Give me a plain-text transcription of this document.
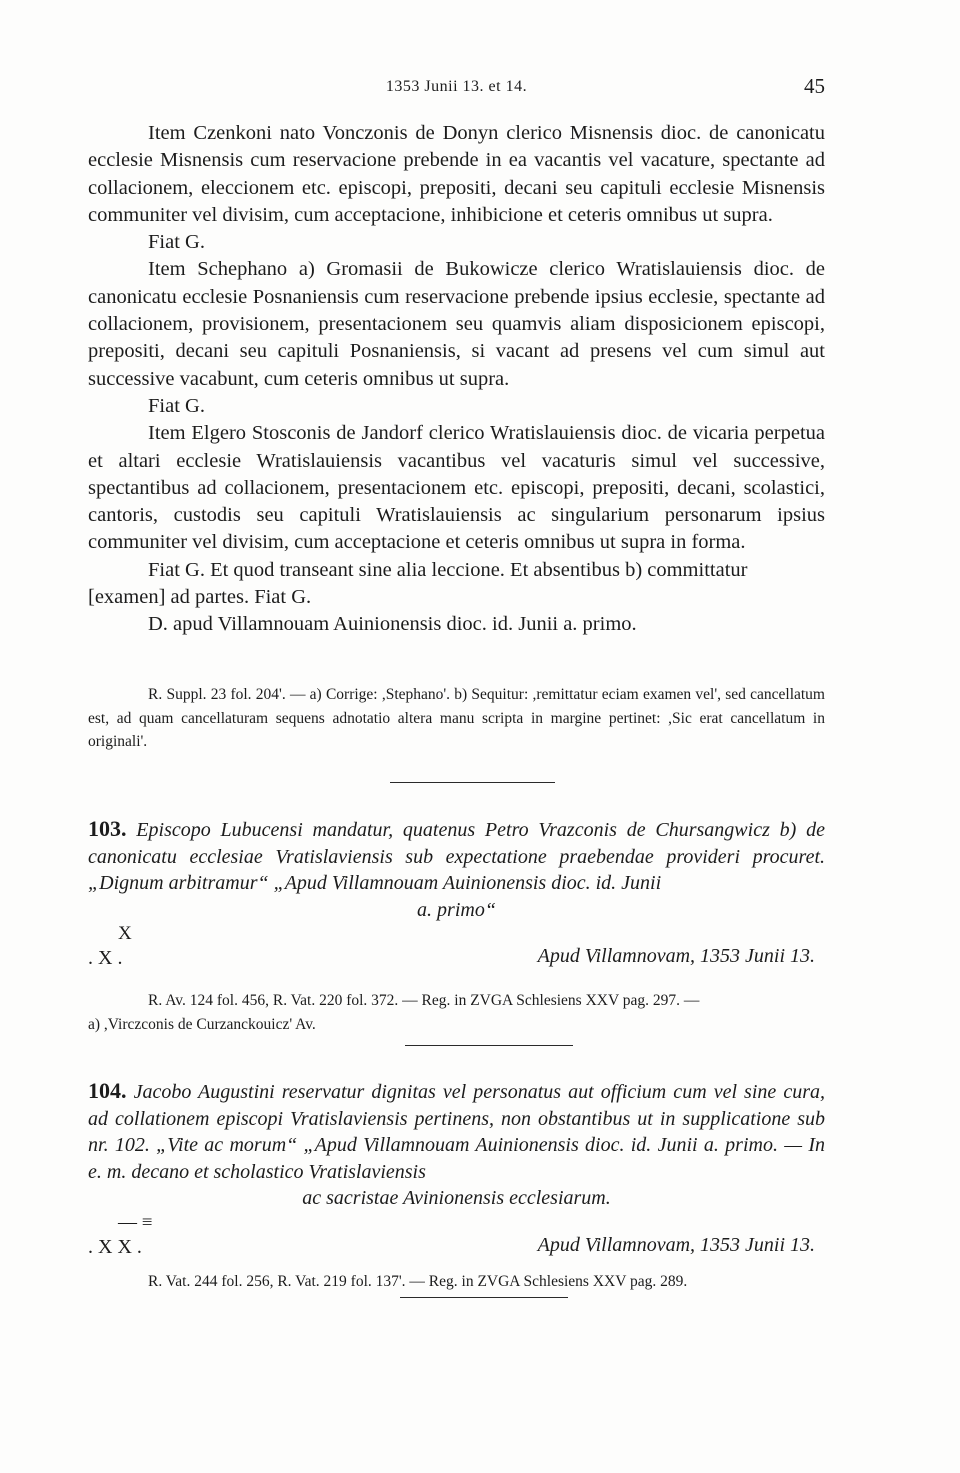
1353 Junii 13. et 14.	45

Item Czenkoni nato Vonczonis de Donyn clerico Misnensis dioc. de canonicatu ecclesie Misnensis cum reservacione prebende in ea vacantis vel vacature, spectante ad collacionem, eleccionem etc. episcopi, prepositi, decani seu capituli ecclesie Misnensis communiter vel divisim, cum acceptacione, inhibicione et ceteris omnibus ut supra.

Fiat G.

Item Schephano a) Gromasii de Bukowicze clerico Wratislauiensis dioc. de canonicatu ecclesie Posnaniensis cum reservacione prebende ipsius ecclesie, spectante ad collacionem, provisionem, presentacionem seu quamvis aliam disposicionem episcopi, prepositi, decani seu capituli Posnaniensis, si vacant ad presens vel cum simul aut successive vacabunt, cum ceteris omnibus ut supra.

Fiat G.

Item Elgero Stosconis de Jandorf clerico Wratislauiensis dioc. de vicaria perpetua et altari ecclesie Wratislauiensis vacantibus vel vacaturis simul vel successive, spectantibus ad collacionem, presentacionem etc. episcopi, prepositi, decani, scolastici, cantoris, custodis seu capituli Wratislauiensis ac singularium personarum ipsius communiter vel divisim, cum acceptacione et ceteris omnibus ut supra in forma.

Fiat G. Et quod transeant sine alia leccione. Et absentibus b) committatur
[examen] ad partes. Fiat G.
D. apud Villamnouam Auinionensis dioc. id. Junii a. primo.

R. Suppl. 23 fol. 204'. — a) Corrige: ,Stephano'. b) Sequitur: ,remittatur eciam examen vel', sed cancellatum est, ad quam cancellaturam sequens adnotatio altera manu scripta in margine pertinet: ,Sic erat cancellatum in originali'.

103. Episcopo Lubucensi mandatur, quatenus Petro Vrazconis de Chursangwicz b) de canonicatu ecclesiae Vratislaviensis sub expectatione praebendae provideri procuret. „Dignum arbitramur“ „Apud Villamnouam Auinionensis dioc. id. Junii

a. primo“
X
. X .	Apud Villamnovam, 1353 Junii 13.

R. Av. 124 fol. 456, R. Vat. 220 fol. 372. — Reg. in ZVGA Schlesiens XXV pag. 297. —

a) ,Virczconis de Curzanckouicz' Av.

104. Jacobo Augustini reservatur dignitas vel personatus aut officium cum vel sine cura, ad collationem episcopi Vratislaviensis pertinens, non obstantibus ut in supplicatione sub nr. 102. „Vite ac morum“ „Apud Villamnouam Auinionensis dioc. id. Junii a. primo. — In e. m. decano et scholastico Vratislaviensis

ac sacristae Avinionensis ecclesiarum.
— ≡
. X X .	Apud Villamnovam, 1353 Junii 13.

R. Vat. 244 fol. 256, R. Vat. 219 fol. 137'. — Reg. in ZVGA Schlesiens XXV pag. 289.
